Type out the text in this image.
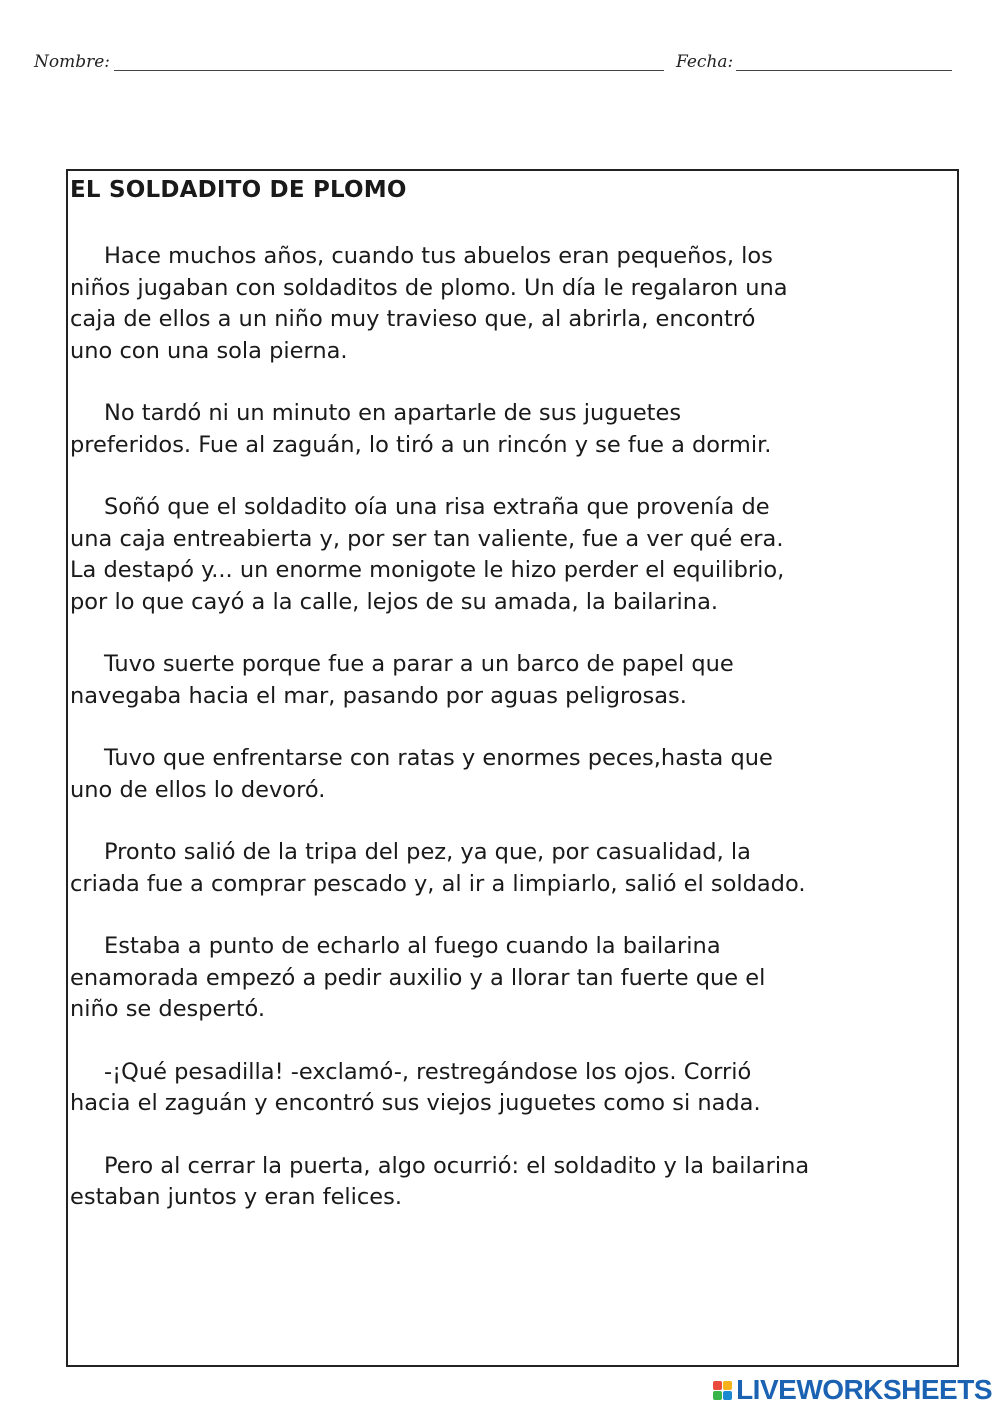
Nombre:	Fecha:
EL SOLDADITO DE PLOMO

Hace muchos años, cuando tus abuelos eran pequeños, los
niños jugaban con soldaditos de plomo. Un día le regalaron una
caja de ellos a un niño muy travieso que, al abrirla, encontró
uno con una sola pierna.

No tardó ni un minuto en apartarle de sus juguetes
preferidos. Fue al zaguán, lo tiró a un rincón y se fue a dormir.

Soñó que el soldadito oía una risa extraña que provenía de
una caja entreabierta y, por ser tan valiente, fue a ver qué era.
La destapó y... un enorme monigote le hizo perder el equilibrio,
por lo que cayó a la calle, lejos de su amada, la bailarina.

Tuvo suerte porque fue a parar a un barco de papel que
navegaba hacia el mar, pasando por aguas peligrosas.

Tuvo que enfrentarse con ratas y enormes peces,hasta que
uno de ellos lo devoró.

Pronto salió de la tripa del pez, ya que, por casualidad, la
criada fue a comprar pescado y, al ir a limpiarlo, salió el soldado.

Estaba a punto de echarlo al fuego cuando la bailarina
enamorada empezó a pedir auxilio y a llorar tan fuerte que el
niño se despertó.

-¡Qué pesadilla! -exclamó-, restregándose los ojos. Corrió
hacia el zaguán y encontró sus viejos juguetes como si nada.

Pero al cerrar la puerta, algo ocurrió: el soldadito y la bailarina
estaban juntos y eran felices.

LIVEWORKSHEETS
